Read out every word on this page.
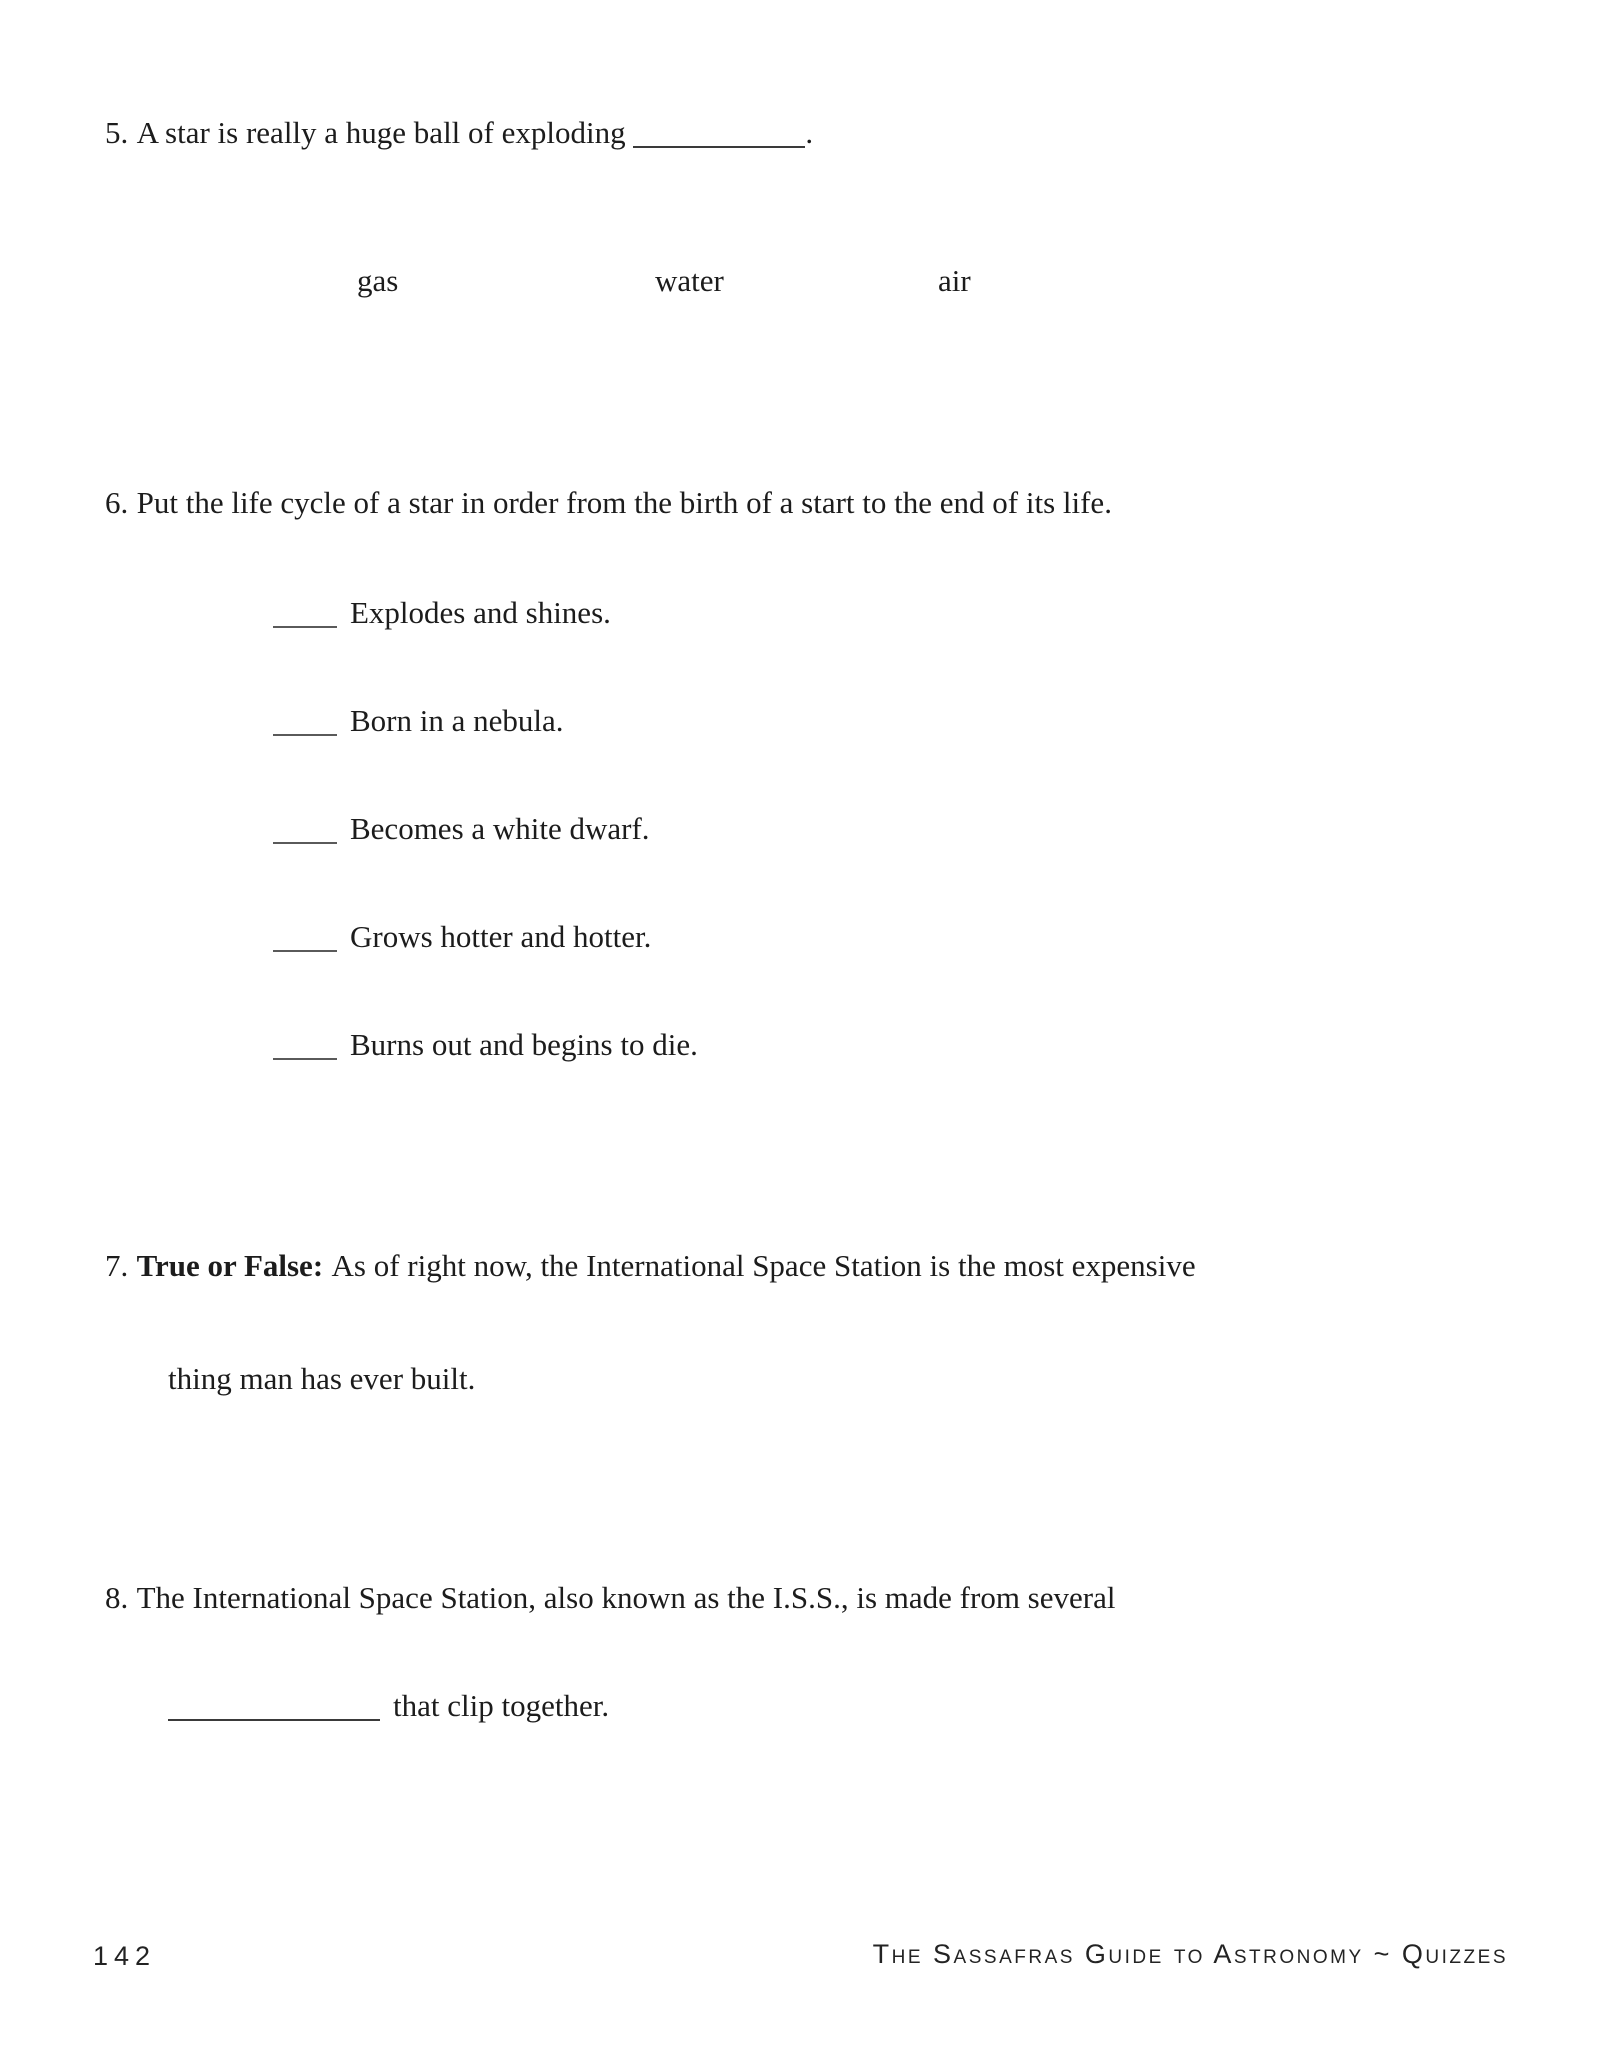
5. A star is really a huge ball of exploding	.
gas	water	air
6. Put the life cycle of a star in order from the birth of a start to the end of its life.
Explodes and shines.
Born in a nebula.
Becomes a white dwarf.
Grows hotter and hotter.
Burns out and begins to die.
7. True or False: As of right now, the International Space Station is the most expensive
thing man has ever built.
8. The International Space Station, also known as the I.S.S., is made from several
that clip together.
142	The Sassafras Guide to Astronomy ~ Quizzes
